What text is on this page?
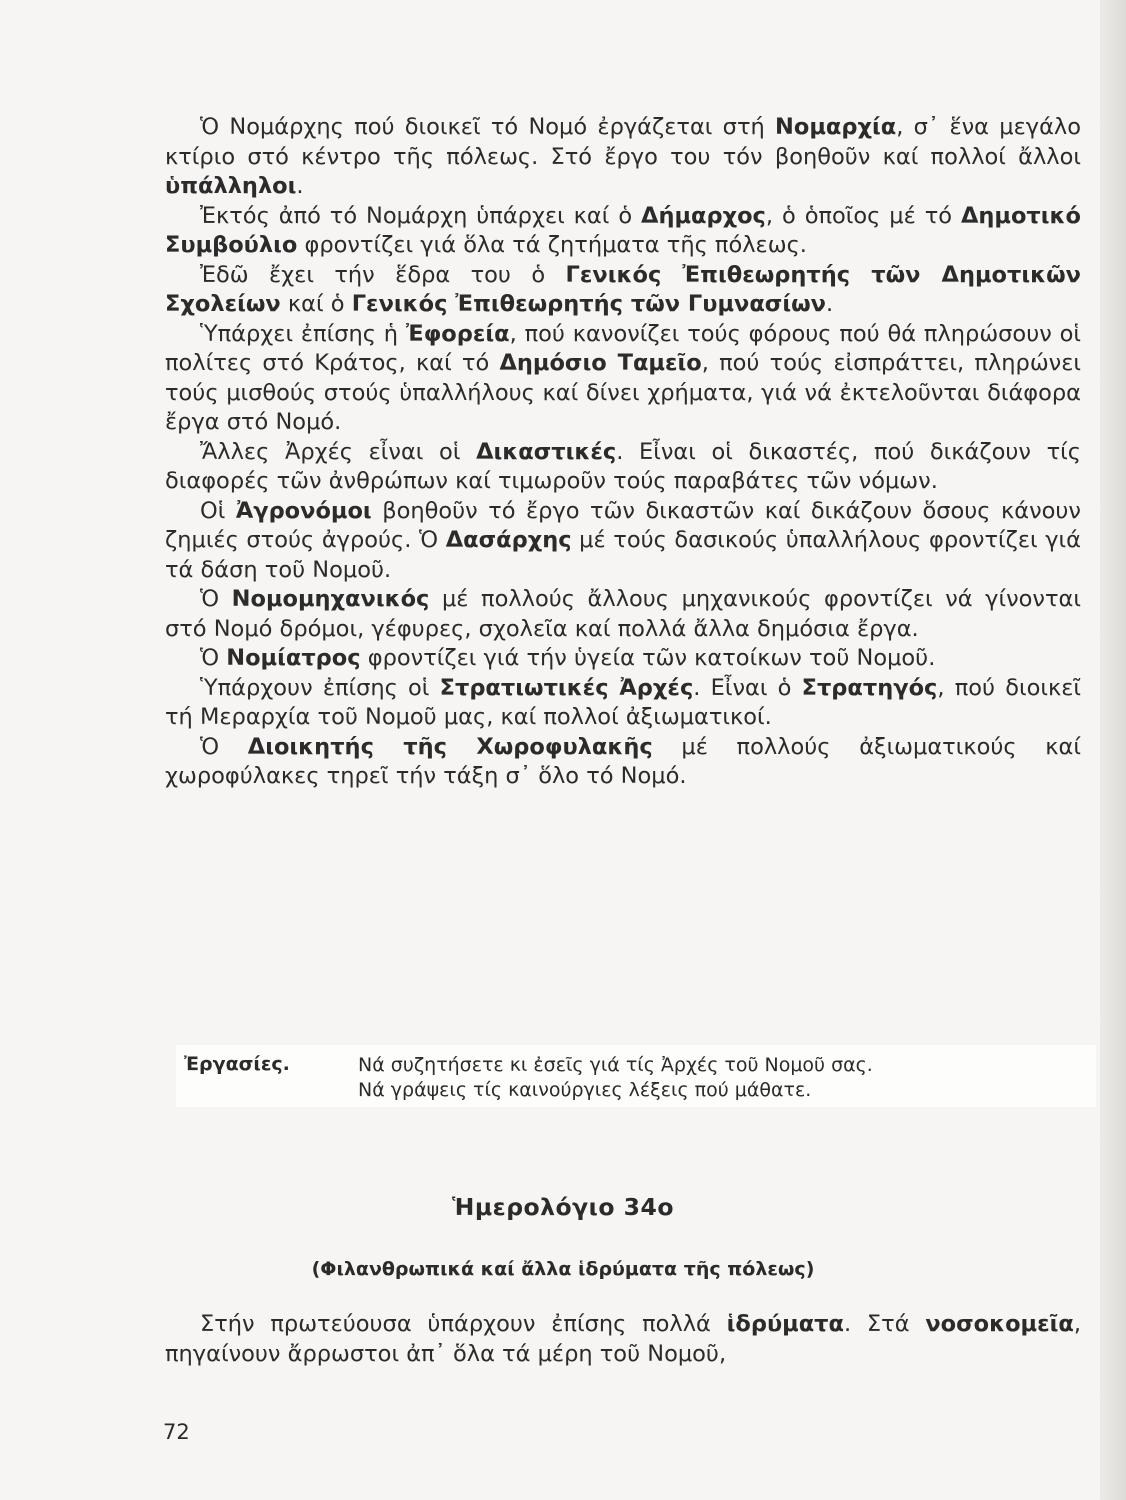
Ὁ Νομάρχης πού διοικεῖ τό Νομό ἐργάζεται στή Νομαρχία, σ᾽ ἕνα μεγάλο κτίριο στό κέντρο τῆς πόλεως. Στό ἔργο του τόν βοηθοῦν καί πολλοί ἄλλοι ὑπάλληλοι.

Ἐκτός ἀπό τό Νομάρχη ὑπάρχει καί ὁ Δήμαρχος, ὁ ὁποῖος μέ τό Δημοτικό Συμβούλιο φροντίζει γιά ὅλα τά ζητήματα τῆς πόλεως.

Ἐδῶ ἔχει τήν ἕδρα του ὁ Γενικός Ἐπιθεωρητής τῶν Δημοτικῶν Σχολείων καί ὁ Γενικός Ἐπιθεωρητής τῶν Γυμνασίων.

Ὑπάρχει ἐπίσης ἡ Ἐφορεία, πού κανονίζει τούς φόρους πού θά πληρώσουν οἱ πολίτες στό Κράτος, καί τό Δημόσιο Ταμεῖο, πού τούς εἰσπράττει, πληρώνει τούς μισθούς στούς ὑπαλλήλους καί δίνει χρήματα, γιά νά ἐκτελοῦνται διάφορα ἔργα στό Νομό.

Ἄλλες Ἀρχές εἶναι οἱ Δικαστικές. Εἶναι οἱ δικαστές, πού δικάζουν τίς διαφορές τῶν ἀνθρώπων καί τιμωροῦν τούς παραβάτες τῶν νόμων.

Οἱ Ἀγρονόμοι βοηθοῦν τό ἔργο τῶν δικαστῶν καί δικάζουν ὅσους κάνουν ζημιές στούς ἀγρούς. Ὁ Δασάρχης μέ τούς δασικούς ὑπαλλήλους φροντίζει γιά τά δάση τοῦ Νομοῦ.

Ὁ Νομομηχανικός μέ πολλούς ἄλλους μηχανικούς φροντίζει νά γίνονται στό Νομό δρόμοι, γέφυρες, σχολεῖα καί πολλά ἄλλα δημόσια ἔργα.

Ὁ Νομίατρος φροντίζει γιά τήν ὑγεία τῶν κατοίκων τοῦ Νομοῦ.

Ὑπάρχουν ἐπίσης οἱ Στρατιωτικές Ἀρχές. Εἶναι ὁ Στρατηγός, πού διοικεῖ τή Μεραρχία τοῦ Νομοῦ μας, καί πολλοί ἀξιωματικοί.

Ὁ Διοικητής τῆς Χωροφυλακῆς μέ πολλούς ἀξιωματικούς καί χωροφύλακες τηρεῖ τήν τάξη σ᾽ ὅλο τό Νομό.

Ἐργασίες.	Νά συζητήσετε κι ἐσεῖς γιά τίς Ἀρχές τοῦ Νομοῦ σας.
Νά γράψεις τίς καινούργιες λέξεις πού μάθατε.
Ἡμερολόγιο 34ο
(Φιλανθρωπικά καί ἄλλα ἱδρύματα τῆς πόλεως)

Στήν πρωτεύουσα ὑπάρχουν ἐπίσης πολλά ἱδρύματα. Στά νοσοκομεῖα, πηγαίνουν ἄρρωστοι ἀπ᾽ ὅλα τά μέρη τοῦ Νομοῦ,

72
